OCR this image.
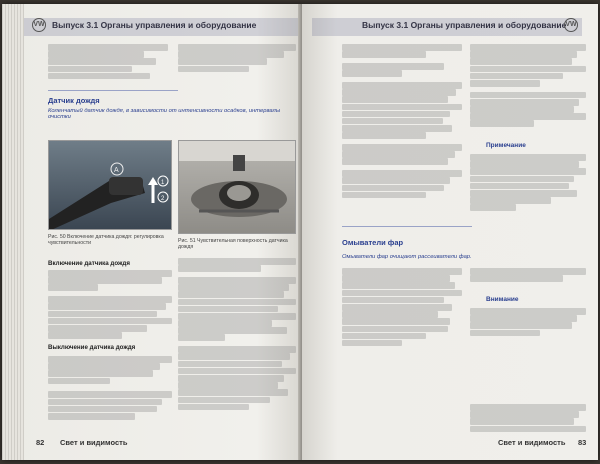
Выпуск 3.1 Органы управления и оборудование
VW
Датчик дождя
Коленчатый датчик дождя, в зависимости от интенсивности осадков, интервалы очистки
A
1
2
Рис. 50 Включение датчика дождя: регулировка чувствительности	Рис. 51 Чувствительная поверхность датчика дождя
Включение датчика дождя
Выключение датчика дождя
82 Свет и видимость
Выпуск 3.1 Органы управления и оборудование VW
Примечание
Омыватели фар
Омыватели фар очищают рассеиватели фар.
Внимание
Свет и видимость 83
